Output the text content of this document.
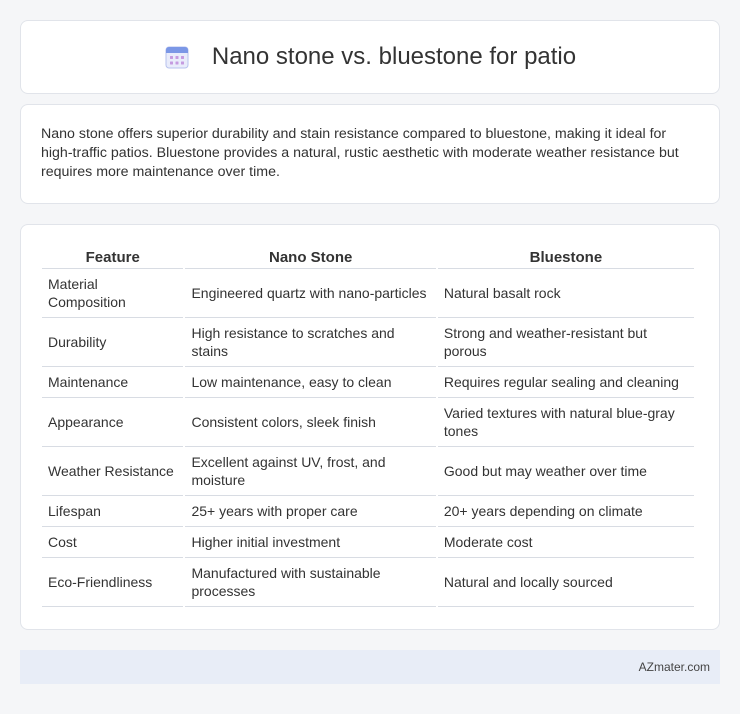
Nano stone vs. bluestone for patio

Nano stone offers superior durability and stain resistance compared to bluestone, making it ideal for high-traffic patios. Bluestone provides a natural, rustic aesthetic with moderate weather resistance but requires more maintenance over time.

Feature	Nano Stone	Bluestone
Material Composition	Engineered quartz with nano-particles	Natural basalt rock
Durability	High resistance to scratches and stains	Strong and weather-resistant but porous
Maintenance	Low maintenance, easy to clean	Requires regular sealing and cleaning
Appearance	Consistent colors, sleek finish	Varied textures with natural blue-gray tones
Weather Resistance	Excellent against UV, frost, and moisture	Good but may weather over time
Lifespan	25+ years with proper care	20+ years depending on climate
Cost	Higher initial investment	Moderate cost
Eco-Friendliness	Manufactured with sustainable processes	Natural and locally sourced
AZmater.com
